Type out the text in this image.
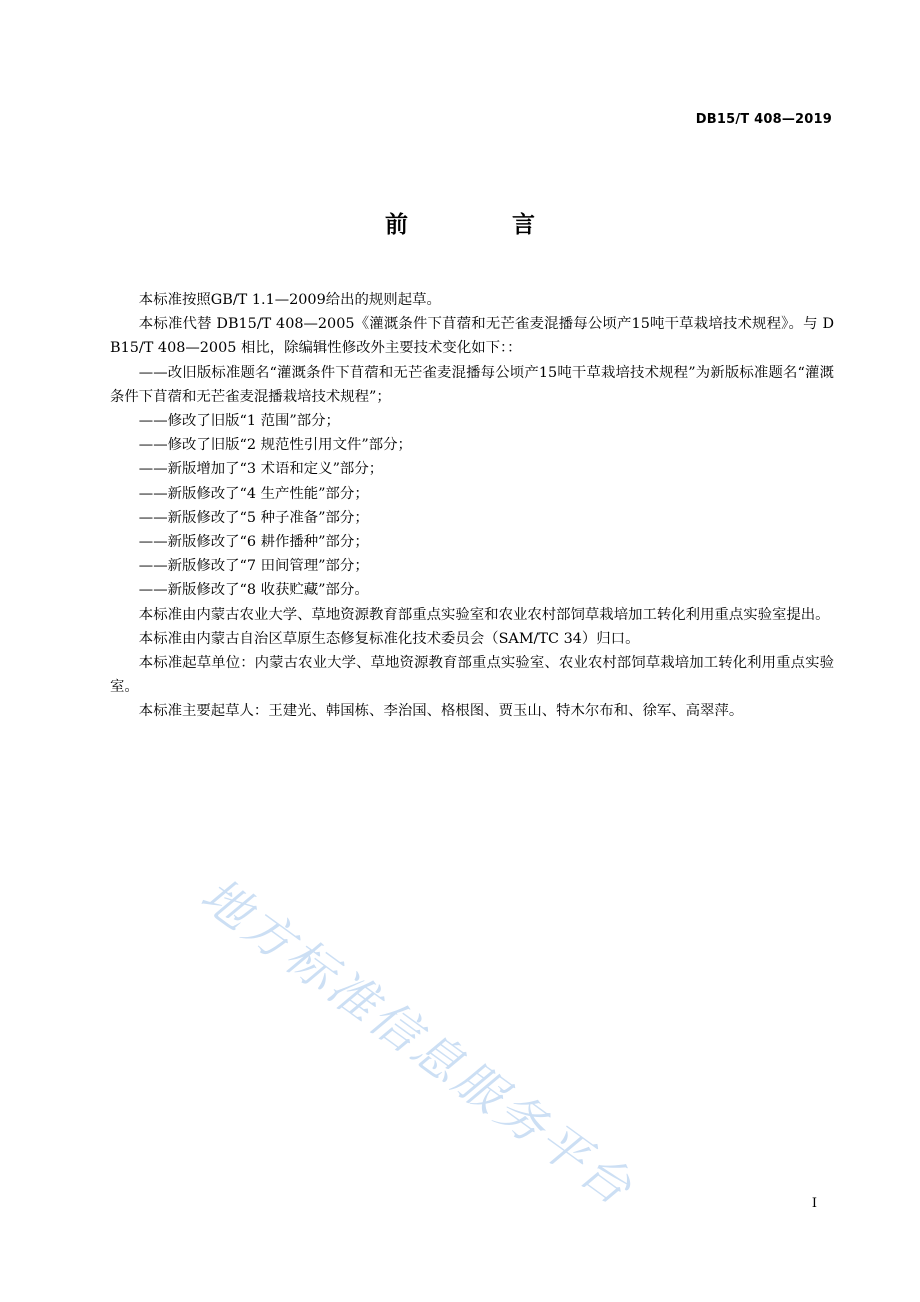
DB15/T 408—2019
前 言

本标准按照GB/T 1.1—2009给出的规则起草。

本标准代替 DB15/T 408—2005《灌溉条件下苜蓿和无芒雀麦混播每公顷产15吨干草栽培技术规程》。与 DB15/T 408—2005 相比，除编辑性修改外主要技术变化如下：：

——改旧版标准题名“灌溉条件下苜蓿和无芒雀麦混播每公顷产15吨干草栽培技术规程”为新版标准题名“灌溉条件下苜蓿和无芒雀麦混播栽培技术规程”；

——修改了旧版“1 范围”部分；

——修改了旧版“2 规范性引用文件”部分；

——新版增加了“3 术语和定义”部分；

——新版修改了“4 生产性能”部分；

——新版修改了“5 种子准备”部分；

——新版修改了“6 耕作播种”部分；

——新版修改了“7 田间管理”部分；

——新版修改了“8 收获贮藏”部分。

本标准由内蒙古农业大学、草地资源教育部重点实验室和农业农村部饲草栽培加工转化利用重点实验室提出。

本标准由内蒙古自治区草原生态修复标准化技术委员会（SAM/TC 34）归口。

本标准起草单位：内蒙古农业大学、草地资源教育部重点实验室、农业农村部饲草栽培加工转化利用重点实验室。

本标准主要起草人：王建光、韩国栋、李治国、格根图、贾玉山、特木尔布和、徐军、高翠萍。

地方标准信息服务平台	I
